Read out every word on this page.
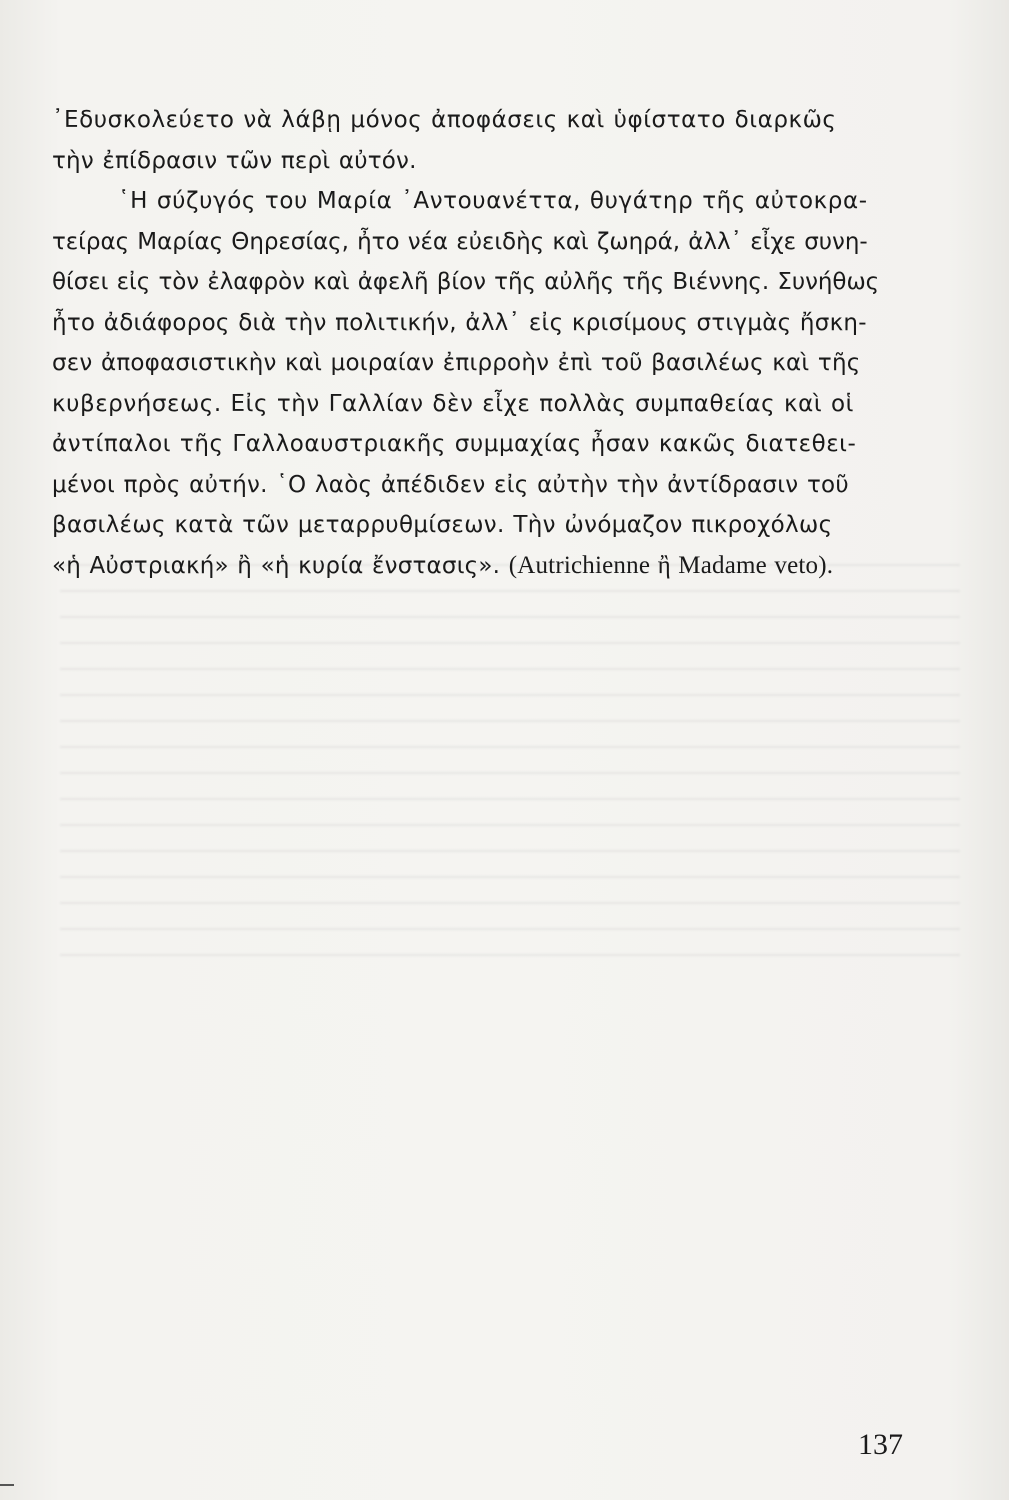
᾿Εδυσκολεύετο νὰ λάβῃ μόνος ἀποφάσεις καὶ ὑφίστατο διαρκῶς
τὴν ἐπίδρασιν τῶν περὶ αὐτόν.
῾Η σύζυγός του Μαρία ᾿Αντουανέττα, θυγάτηρ τῆς αὐτοκρα-
τείρας Μαρίας Θηρεσίας, ἦτο νέα εὐειδὴς καὶ ζωηρά, ἀλλ᾿ εἶχε συνη-
θίσει εἰς τὸν ἐλαφρὸν καὶ ἀφελῆ βίον τῆς αὐλῆς τῆς Βιέννης. Συνήθως
ἦτο ἀδιάφορος διὰ τὴν πολιτικήν, ἀλλ᾿ εἰς κρισίμους στιγμὰς ἤσκη-
σεν ἀποφασιστικὴν καὶ μοιραίαν ἐπιρροὴν ἐπὶ τοῦ βασιλέως καὶ τῆς
κυβερνήσεως. Εἰς τὴν Γαλλίαν δὲν εἶχε πολλὰς συμπαθείας καὶ οἱ
ἀντίπαλοι τῆς Γαλλοαυστριακῆς συμμαχίας ἦσαν κακῶς διατεθει-
μένοι πρὸς αὐτήν. ῾Ο λαὸς ἀπέδιδεν εἰς αὐτὴν τὴν ἀντίδρασιν τοῦ
βασιλέως κατὰ τῶν μεταρρυθμίσεων. Τὴν ὠνόμαζον πικροχόλως
«ἡ Αὐστριακή» ἢ «ἡ κυρία ἔνστασις». (Autrichienne ἢ Madame veto).
137
